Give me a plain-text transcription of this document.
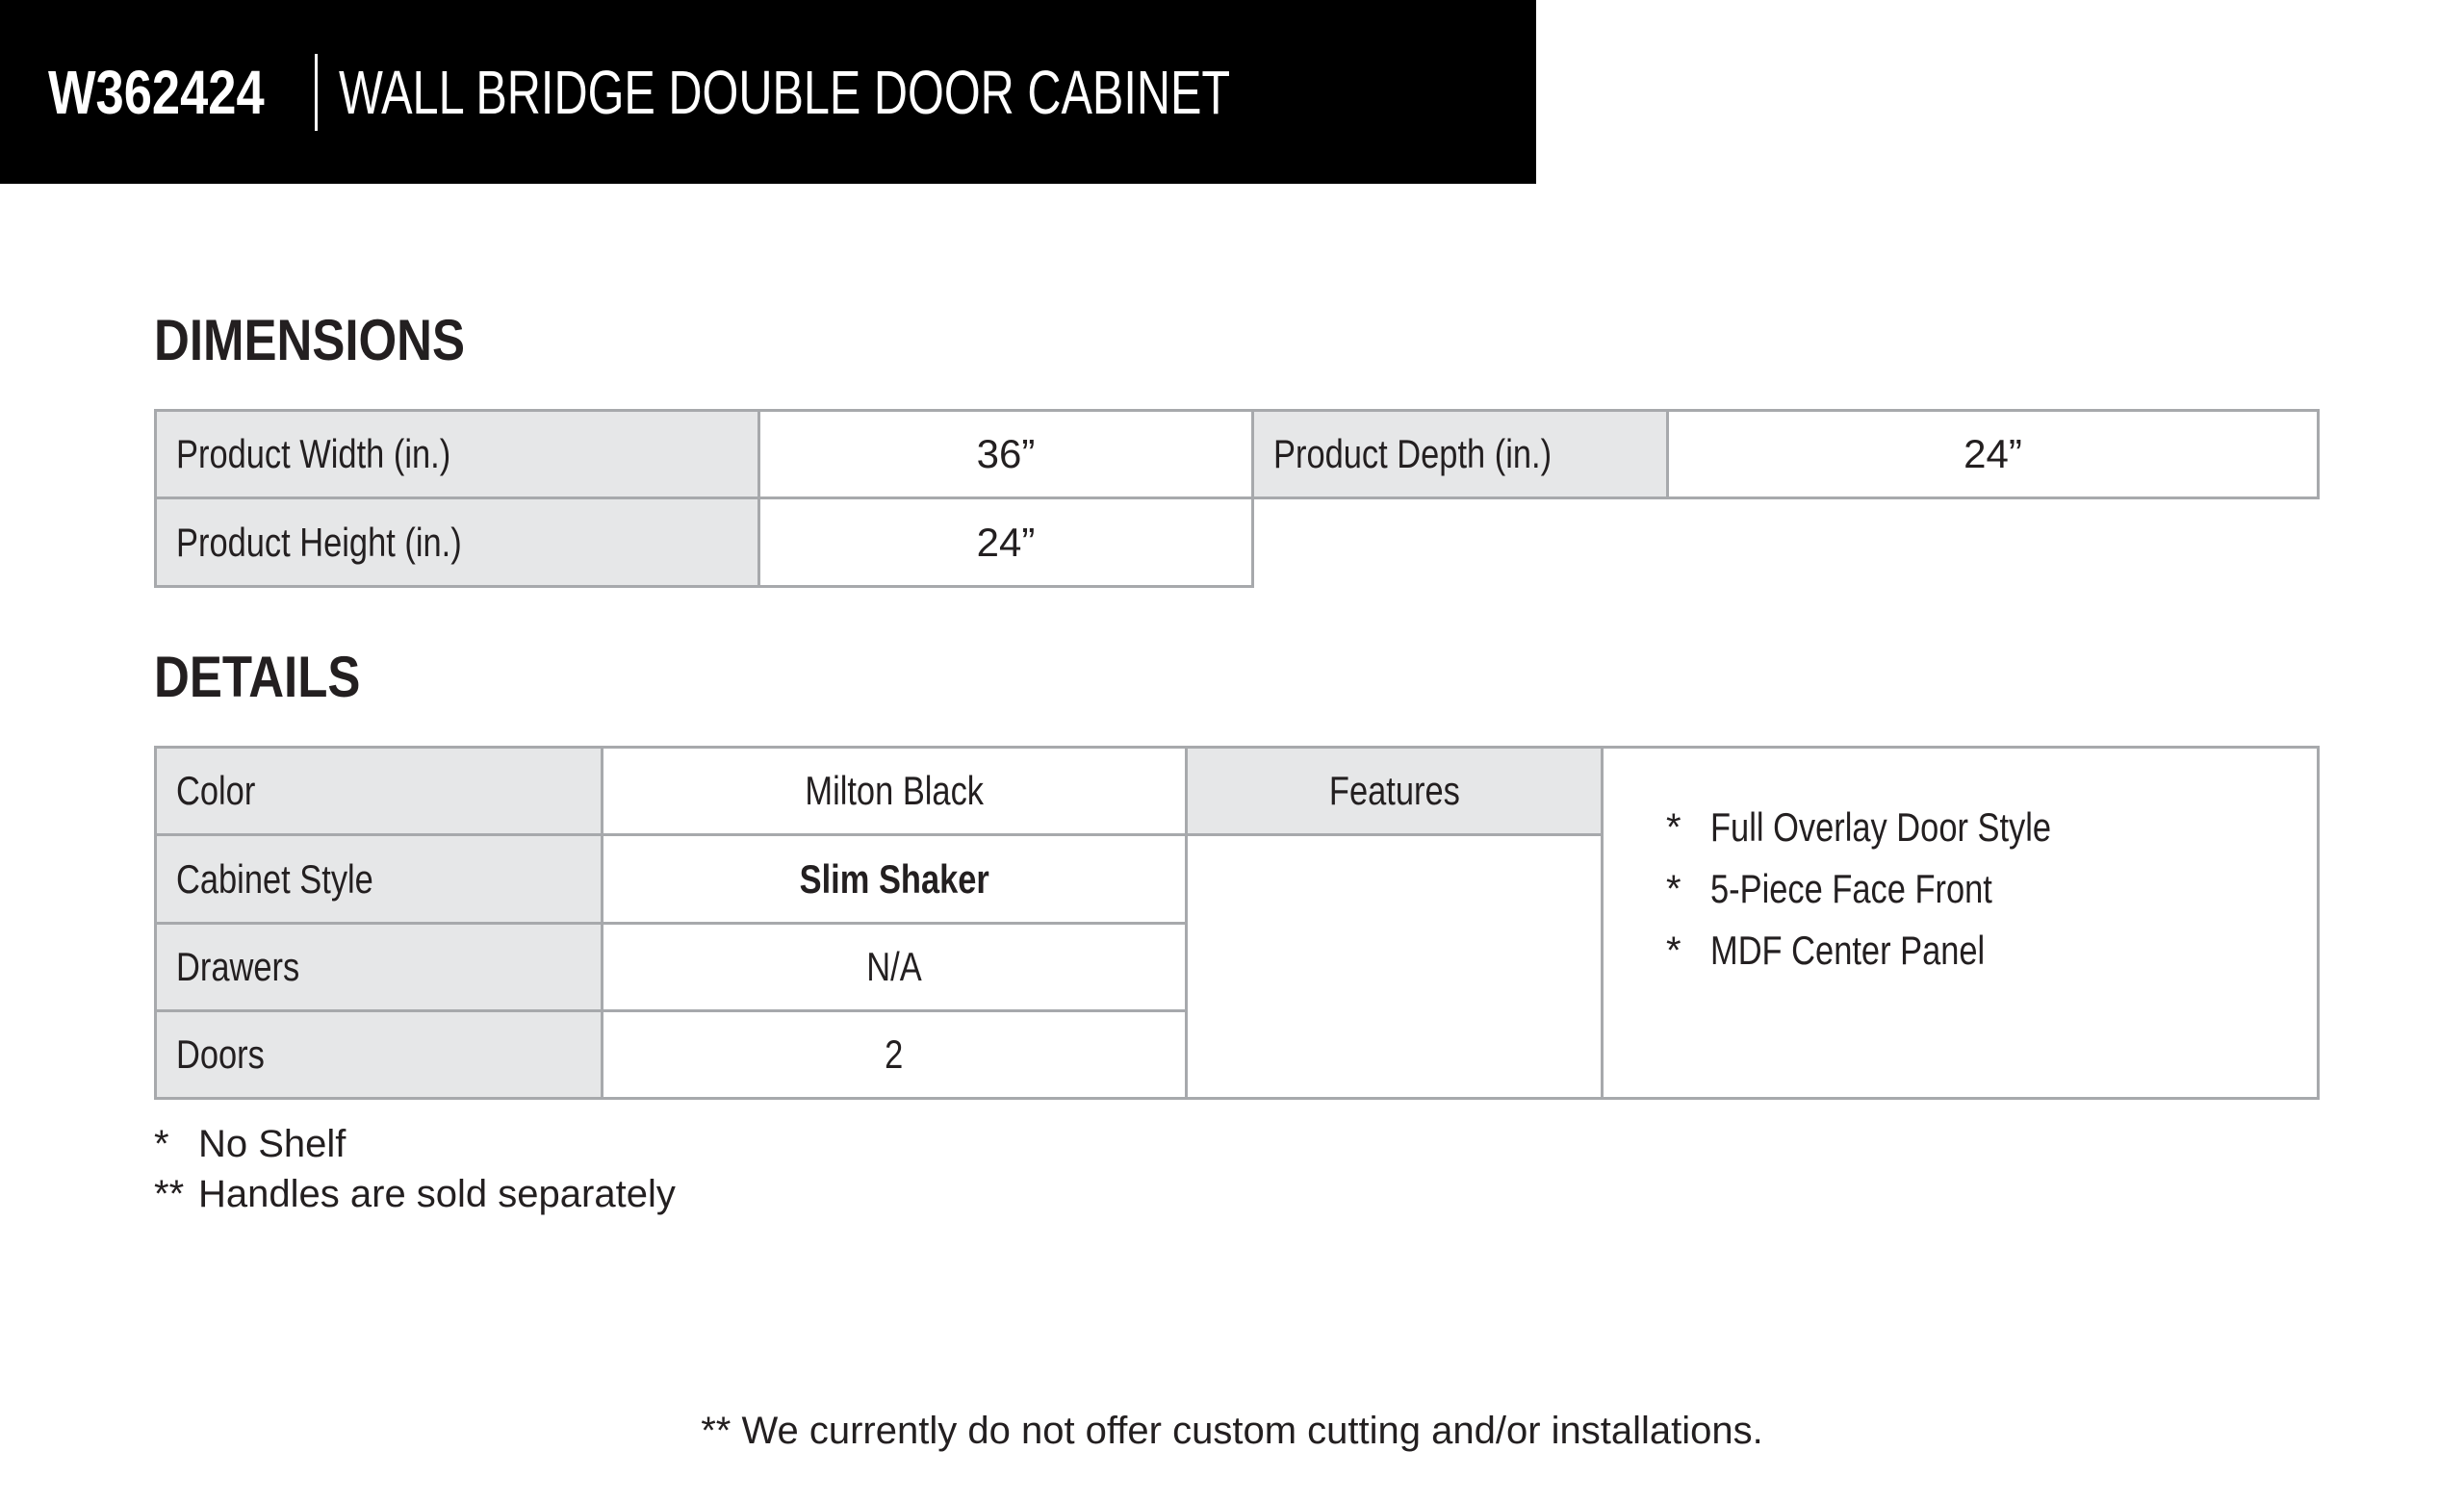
W362424 WALL BRIDGE DOUBLE DOOR CABINET
DIMENSIONS
Product Width (in.)	36”	Product Depth (in.)	24”
Product Height (in.)	24”
DETAILS
Color	Milton Black
Cabinet Style	Slim Shaker
Drawers	N/A
Doors	2
Features
* Full Overlay Door Style
* 5-Piece Face Front
* MDF Center Panel
* No Shelf
** Handles are sold separately
** We currently do not offer custom cutting and/or installations.
